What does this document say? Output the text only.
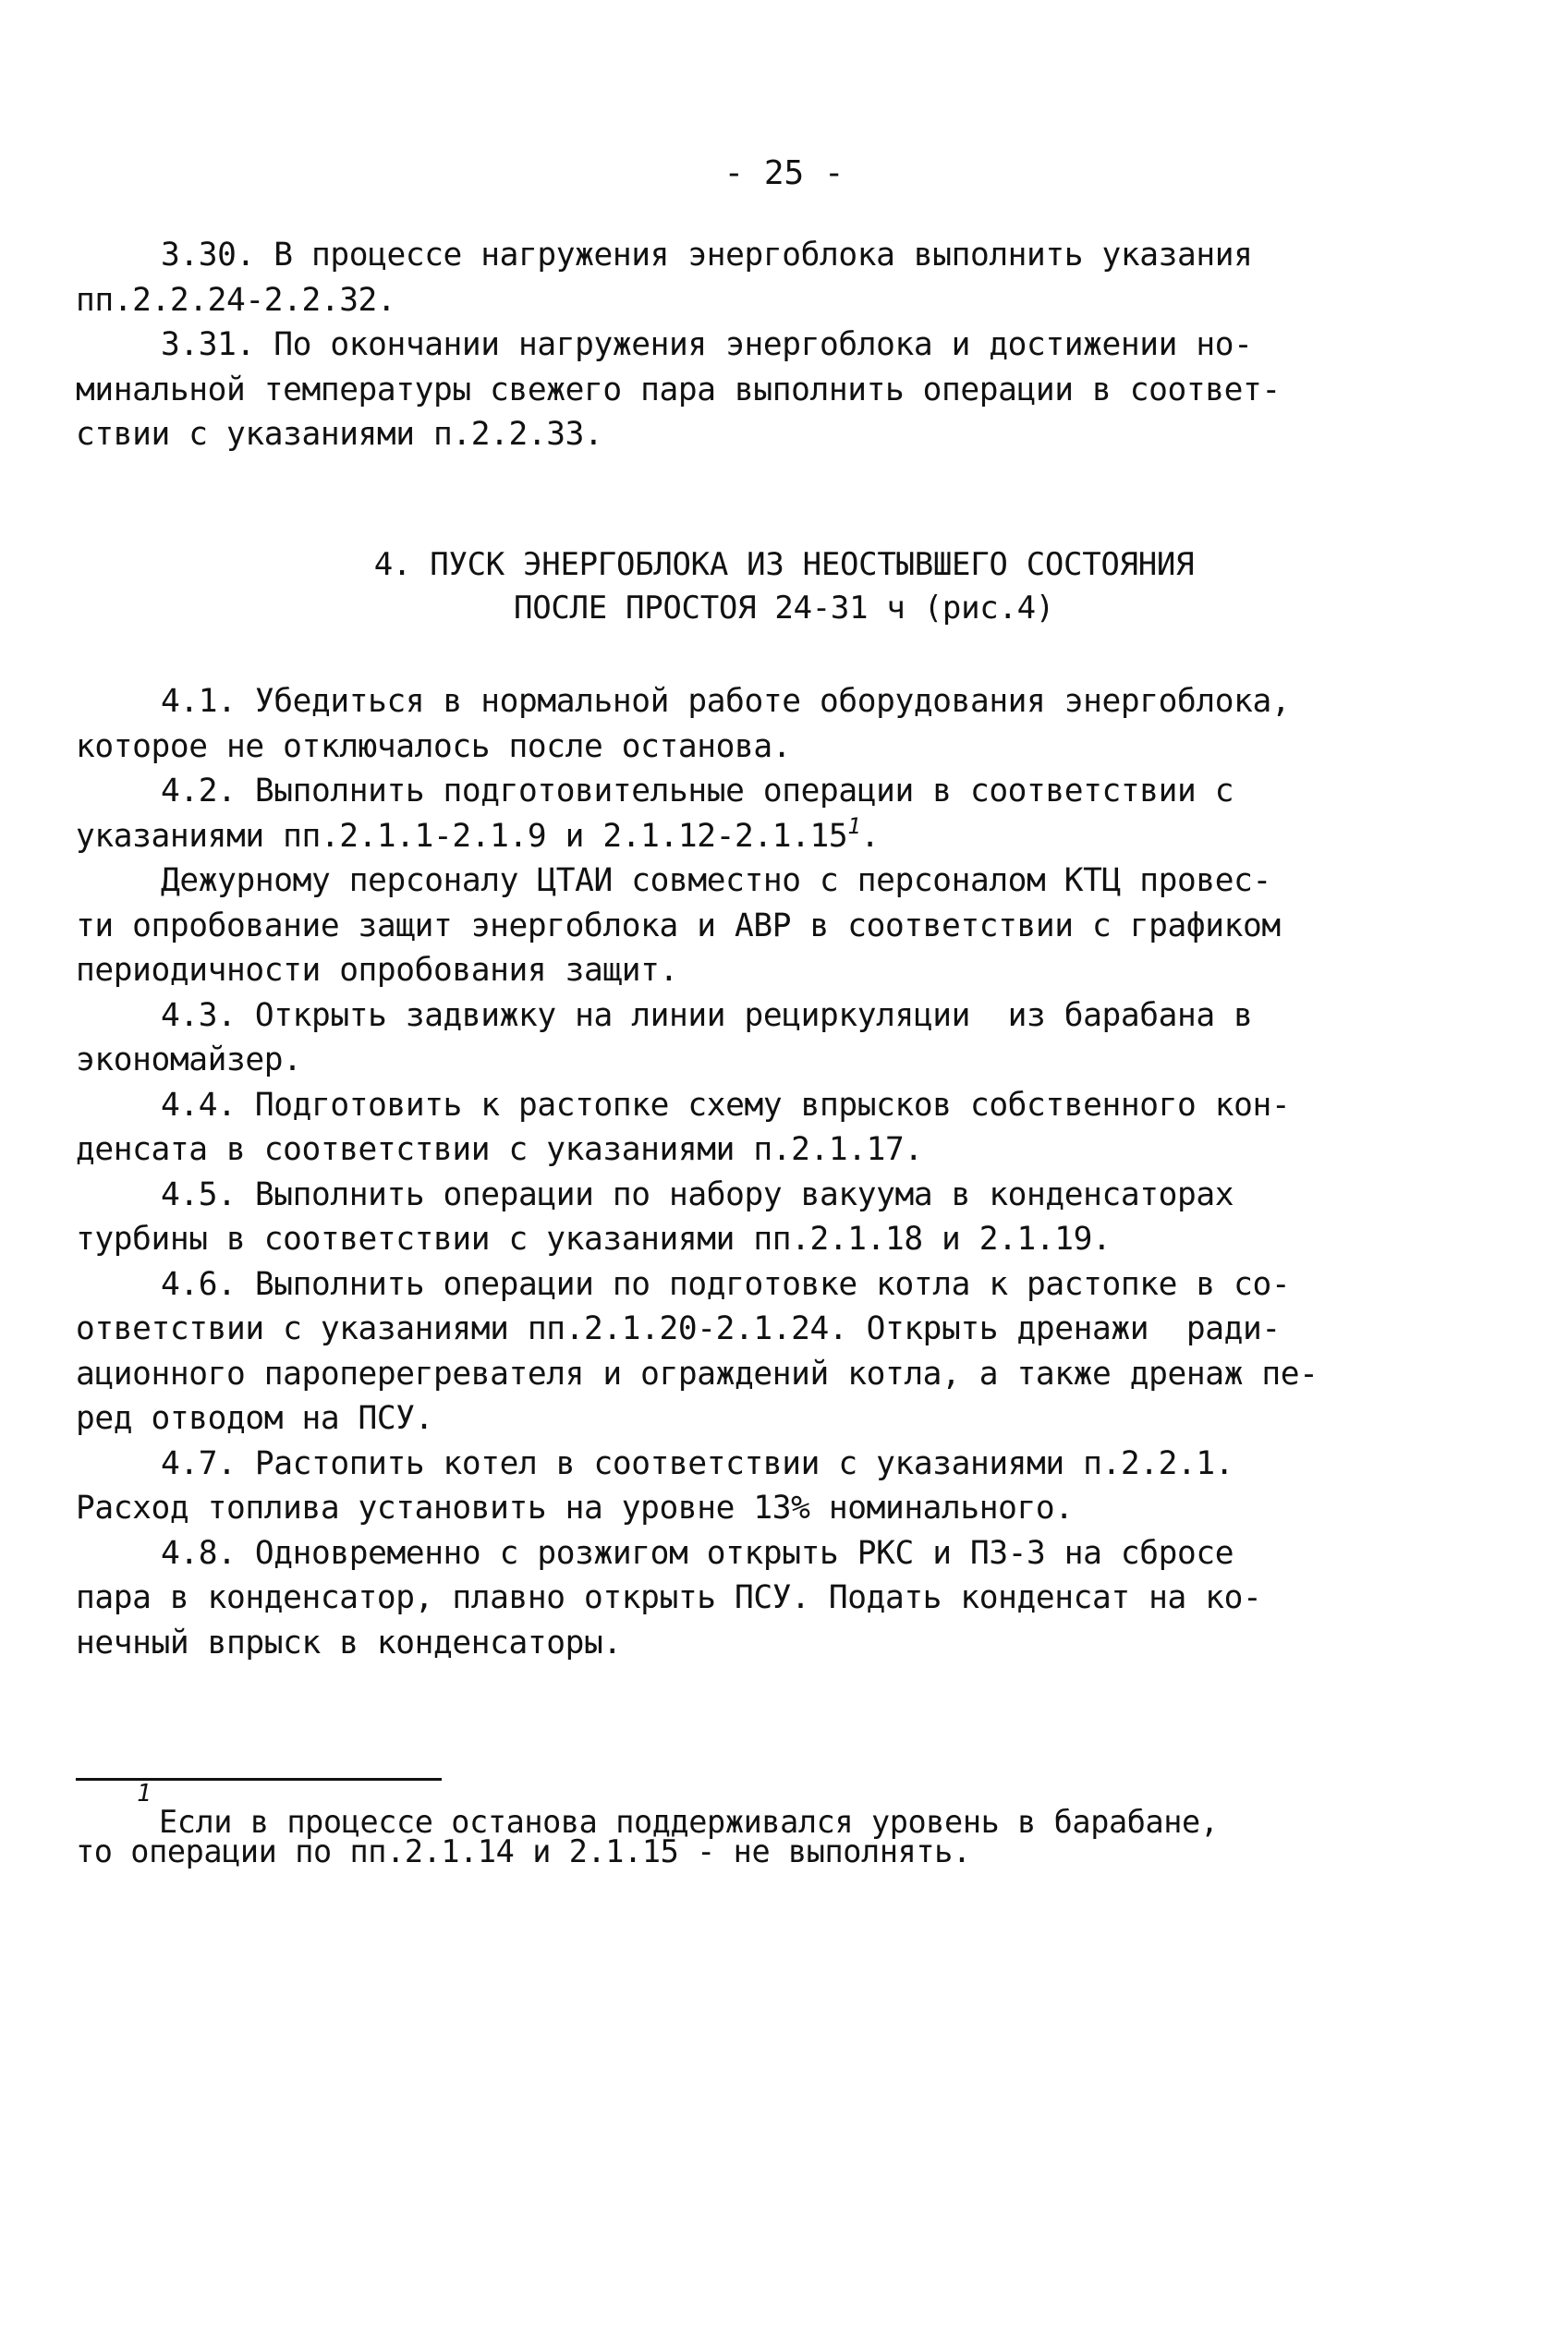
- 25 -
3.30. В процессе нагружения энергоблока выполнить указания
пп.2.2.24-2.2.32.
3.31. По окончании нагружения энергоблока и достижении но-
минальной температуры свежего пара выполнить операции в соответ-
ствии с указаниями п.2.2.33.
4. ПУСК ЭНЕРГОБЛОКА ИЗ НЕОСТЫВШЕГО СОСТОЯНИЯ
ПОСЛЕ ПРОСТОЯ 24-31 ч (рис.4)
4.1. Убедиться в нормальной работе оборудования энергоблока,
которое не отключалось после останова.
4.2. Выполнить подготовительные операции в соответствии с
указаниями пп.2.1.1-2.1.9 и 2.1.12-2.1.15$^1$.
Дежурному персоналу ЦТАИ совместно с персоналом КТЦ провес-
ти опробование защит энергоблока и АВР в соответствии с графиком
периодичности опробования защит.
4.3. Открыть задвижку на линии рециркуляции  из барабана в
экономайзер.
4.4. Подготовить к растопке схему впрысков собственного кон-
денсата в соответствии с указаниями п.2.1.17.
4.5. Выполнить операции по набору вакуума в конденсаторах
турбины в соответствии с указаниями пп.2.1.18 и 2.1.19.
4.6. Выполнить операции по подготовке котла к растопке в со-
ответствии с указаниями пп.2.1.20-2.1.24. Открыть дренажи  ради-
ационного пароперегревателя и ограждений котла, а также дренаж пе-
ред отводом на ПСУ.
4.7. Растопить котел в соответствии с указаниями п.2.2.1.
Расход топлива установить на уровне 13% номинального.
4.8. Одновременно с розжигом открыть РКС и ПЗ-3 на сбросе
пара в конденсатор, плавно открыть ПСУ. Подать конденсат на ко-
нечный впрыск в конденсаторы.
1
Если в процессе останова поддерживался уровень в барабане,
то операции по пп.2.1.14 и 2.1.15 - не выполнять.
